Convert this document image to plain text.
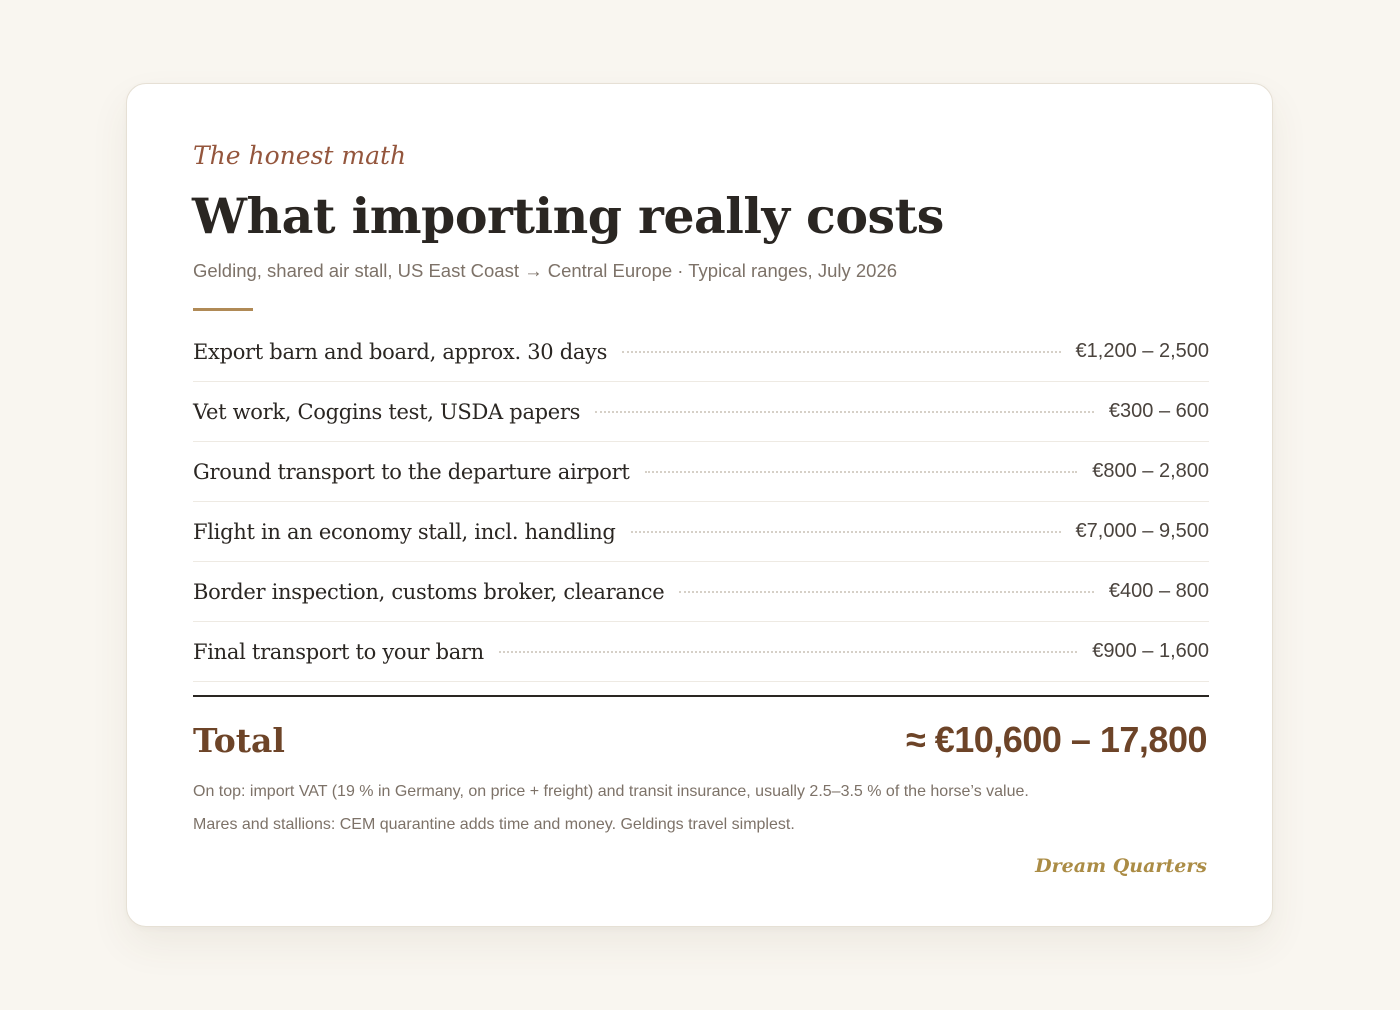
The honest math
What importing really costs
Gelding, shared air stall, US East Coast → Central Europe · Typical ranges, July 2026
Export barn and board, approx. 30 days	€1,200 – 2,500
Vet work, Coggins test, USDA papers	€300 – 600
Ground transport to the departure airport	€800 – 2,800
Flight in an economy stall, incl. handling	€7,000 – 9,500
Border inspection, customs broker, clearance	€400 – 800
Final transport to your barn	€900 – 1,600
Total	≈ €10,600 – 17,800
On top: import VAT (19 % in Germany, on price + freight) and transit insurance, usually 2.5–3.5 % of the horse’s value.
Mares and stallions: CEM quarantine adds time and money. Geldings travel simplest.
Dream Quarters
